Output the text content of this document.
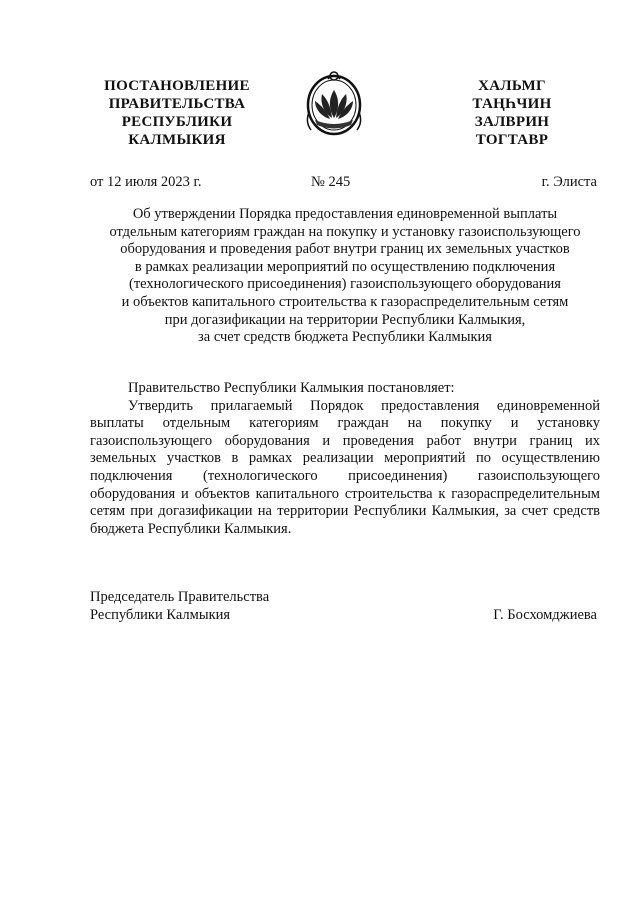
ПОСТАНОВЛЕНИЕ
ПРАВИТЕЛЬСТВА
РЕСПУБЛИКИ
КАЛМЫКИЯ
ХАЛЬМГ
ТАҢҺЧИН
ЗАЛВРИН
ТОГТАВР
от 12 июля 2023 г.	№ 245	г. Элиста
Об утверждении Порядка предоставления единовременной выплаты
отдельным категориям граждан на покупку и установку газоиспользующего
оборудования и проведения работ внутри границ их земельных участков
в рамках реализации мероприятий по осуществлению подключения
(технологического присоединения) газоиспользующего оборудования
и объектов капитального строительства к газораспределительным сетям
при догазификации на территории Республики Калмыкия,
за счет средств бюджета Республики Калмыкия

Правительство Республики Калмыкия постановляет:

Утвердить прилагаемый Порядок предоставления единовременной выплаты отдельным категориям граждан на покупку и установку газоиспользующего оборудования и проведения работ внутри границ их земельных участков в рамках реализации мероприятий по осуществлению подключения (технологического присоединения) газоиспользующего оборудования и объектов капитального строительства к газораспределительным сетям при догазификации на территории Республики Калмыкия, за счет средств бюджета Республики Калмыкия.

Председатель Правительства
Республики Калмыкия	Г. Босхомджиева
